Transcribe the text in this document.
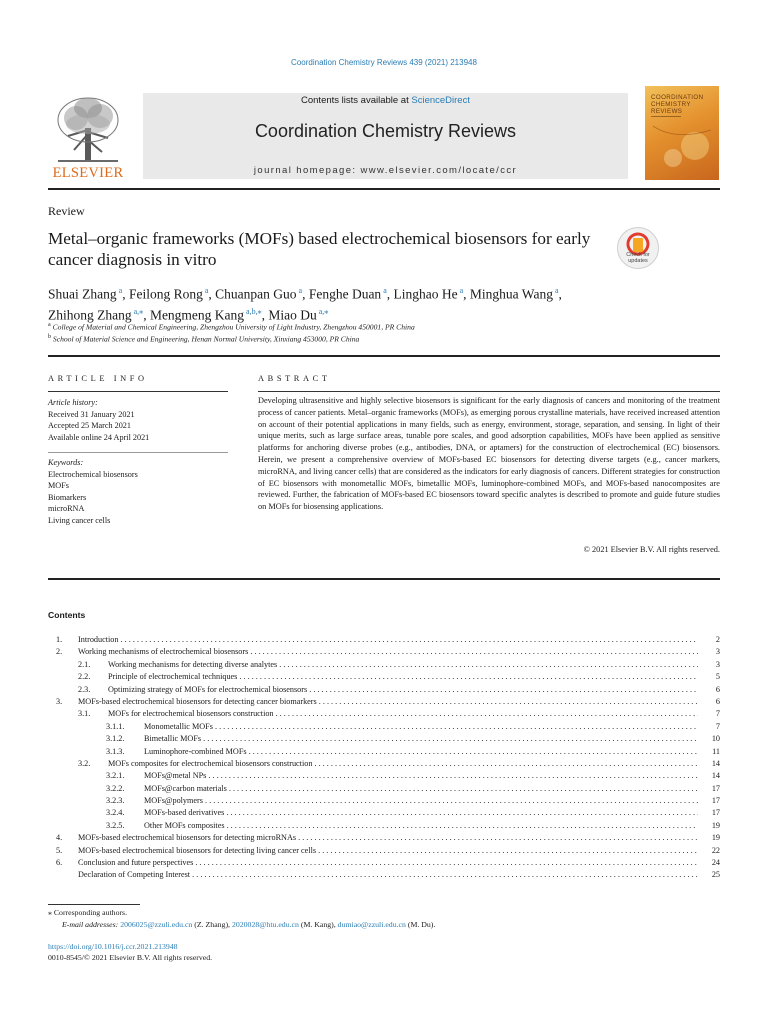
Coordination Chemistry Reviews 439 (2021) 213948
ELSEVIER
Contents lists available at ScienceDirect
Coordination Chemistry Reviews
journal homepage: www.elsevier.com/locate/ccr
COORDINATION CHEMISTRY REVIEWS
Review
Metal–organic frameworks (MOFs) based electrochemical biosensors for early cancer diagnosis in vitro	Check for updates
Shuai Zhang $^a$, Feilong Rong $^a$, Chuanpan Guo $^a$, Fenghe Duan $^a$, Linghao He $^a$, Minghua Wang $^a$,
Zhihong Zhang $^{a,⁎}$, Mengmeng Kang $^{a,b,⁎}$, Miao Du $^{a,⁎}$
$^a$ College of Material and Chemical Engineering, Zhengzhou University of Light Industry, Zhengzhou 450001, PR China
$^b$ School of Material Science and Engineering, Henan Normal University, Xinxiang 453000, PR China
ARTICLE INFO
Article history:
Received 31 January 2021
Accepted 25 March 2021
Available online 24 April 2021
Keywords:
Electrochemical biosensors
MOFs
Biomarkers
microRNA
Living cancer cells
ABSTRACT
Developing ultrasensitive and highly selective biosensors is significant for the early diagnosis of cancers and monitoring of the treatment process of cancer patients. Metal–organic frameworks (MOFs), as emerging porous crystalline materials, have received increased attention on account of their potential applications in many fields, such as energy, environment, storage, separation, and sensing. In light of their unique merits, such as large surface areas, tunable pore scales, and good adsorption capabilities, MOFs have been applied as sensitive platforms for anchoring diverse probes (e.g., antibodies, DNA, or aptamers) for the construction of electrochemical (EC) biosensors. Herein, we present a comprehensive overview of MOFs-based EC biosensors for detecting diverse targets (e.g., cancer markers, microRNA, and living cancer cells) that are considered as the indicators for early diagnosis of cancers. Different strategies for construction of EC biosensors with monometallic MOFs, bimetallic MOFs, luminophore-combined MOFs, and MOFs-based nanocomposites are reviewed. Further, the fabrication of MOFs-based EC biosensors toward specific analytes is described to promote and guide future studies on MOFs for biosensing applications.
© 2021 Elsevier B.V. All rights reserved.
Contents
1. Introduction . . .	2
2. Working mechanisms of electrochemical biosensors . . .	3
2.1. Working mechanisms for detecting diverse analytes . . .	3
2.2. Principle of electrochemical techniques . . .	5
2.3. Optimizing strategy of MOFs for electrochemical biosensors . . .	6
3. MOFs-based electrochemical biosensors for detecting cancer biomarkers . . .	6
3.1. MOFs for electrochemical biosensors construction . . .	7
3.1.1. Monometallic MOFs . . .	7
3.1.2. Bimetallic MOFs . . .	10
3.1.3. Luminophore-combined MOFs . . .	11
3.2. MOFs composites for electrochemical biosensors construction . . .	14
3.2.1. MOFs@metal NPs . . .	14
3.2.2. MOFs@carbon materials . . .	17
3.2.3. MOFs@polymers . . .	17
3.2.4. MOFs-based derivatives . . .	17
3.2.5. Other MOFs composites . . .	19
4. MOFs-based electrochemical biosensors for detecting microRNAs . . .	19
5. MOFs-based electrochemical biosensors for detecting living cancer cells . . .	22
6. Conclusion and future perspectives . . .	24
Declaration of Competing Interest . . .	25
⁎ Corresponding authors.
E-mail addresses: 2006025@zzuli.edu.cn (Z. Zhang), 2020028@htu.edu.cn (M. Kang), dumiao@zzuli.edu.cn (M. Du).
https://doi.org/10.1016/j.ccr.2021.213948
0010-8545/© 2021 Elsevier B.V. All rights reserved.
